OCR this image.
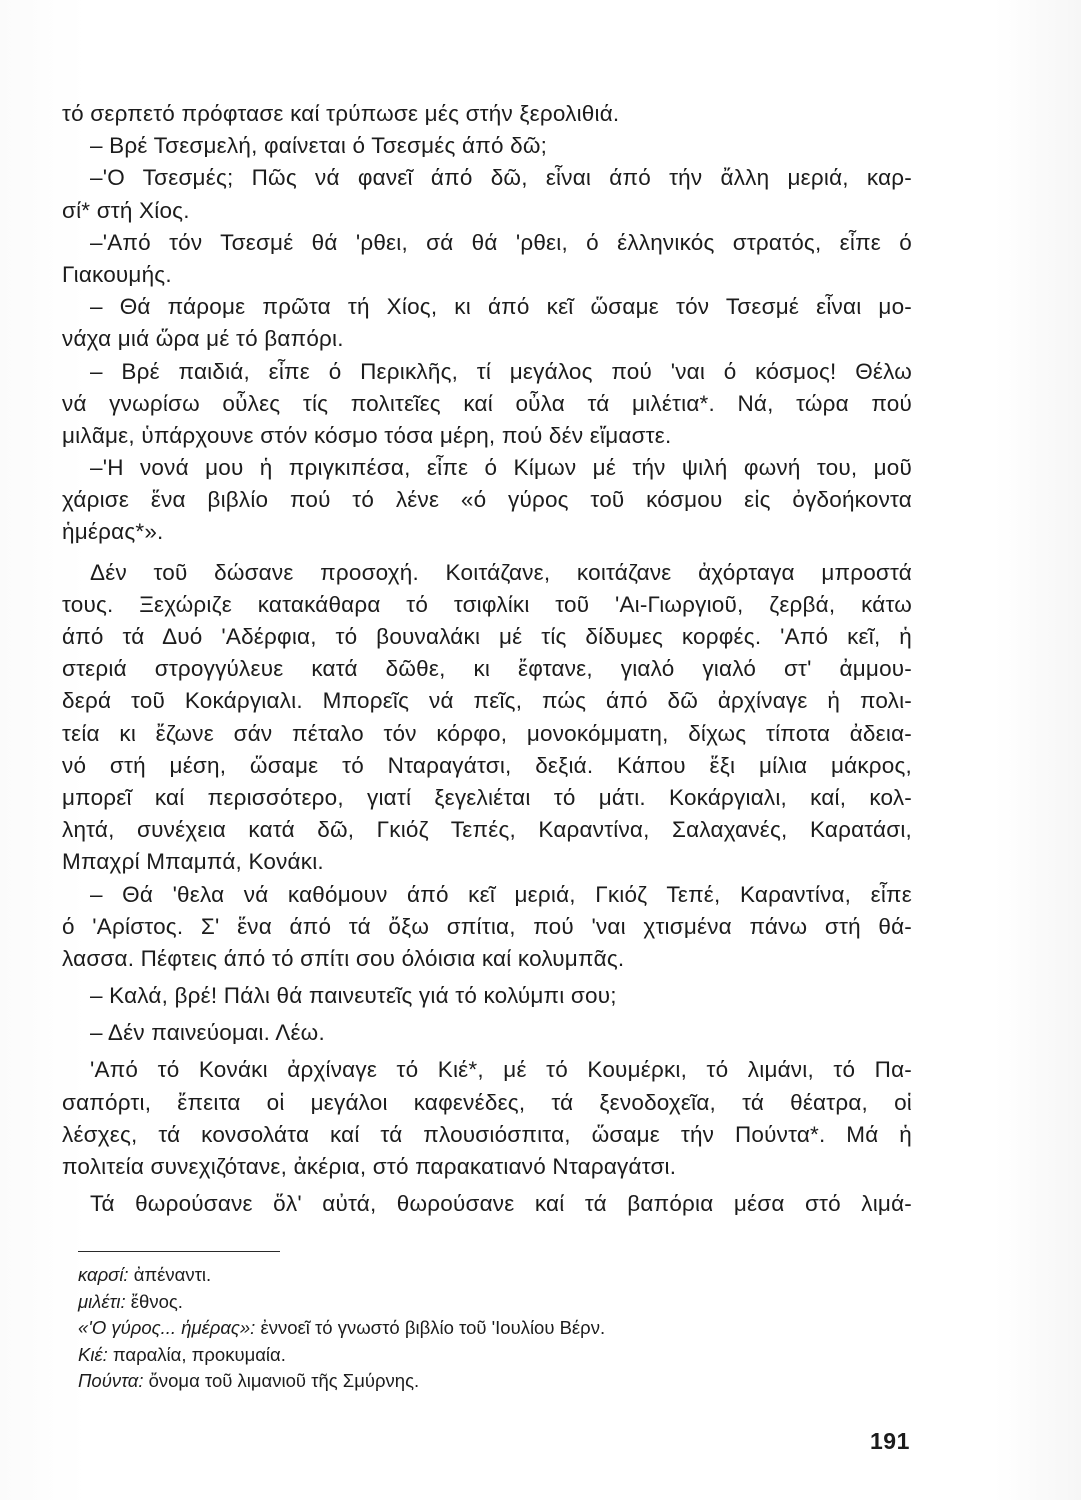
τό σερπετό πρόφτασε καί τρύπωσε μές στήν ξερολιθιά.
– Βρέ Τσεσμελή, φαίνεται ό Τσεσμές άπό δῶ;
–'Ο Τσεσμές; Πῶς νά φανεῖ άπό δῶ, εἶναι άπό τήν ἄλλη μεριά, καρ-
σί* στή Χίος.
–'Από τόν Τσεσμέ θά 'ρθει, σά θά 'ρθει, ό έλληνικός στρατός, εἶπε ό
Γιακουμής.
– Θά πάρομε πρῶτα τή Χίος, κι άπό κεῖ ὥσαμε τόν Τσεσμέ εἶναι μο-
νάχα μιά ὥρα μέ τό βαπόρι.
– Βρέ παιδιά, εἶπε ό Περικλῆς, τί μεγάλος πού 'ναι ό κόσμος! Θέλω
νά γνωρίσω οὖλες τίς πολιτεῖες καί οὖλα τά μιλέτια*. Νά, τώρα πού
μιλᾶμε, ὑπάρχουνε στόν κόσμο τόσα μέρη, πού δέν εἴμαστε.
–'Η νονά μου ἡ πριγκιπέσα, εἶπε ό Κίμων μέ τήν ψιλή φωνή του, μοῦ
χάρισε ἕνα βιβλίο πού τό λένε «ό γύρος τοῦ κόσμου εἰς ὀγδοήκοντα
ἡμέρας*».
Δέν τοῦ δώσανε προσοχή. Κοιτάζανε, κοιτάζανε ἀχόρταγα μπροστά
τους. Ξεχώριζε κατακάθαρα τό τσιφλίκι τοῦ 'Αι-Γιωργιοῦ, ζερβά, κάτω
άπό τά Δυό 'Αδέρφια, τό βουναλάκι μέ τίς δίδυμες κορφές. 'Από κεῖ, ἡ
στεριά στρογγύλευε κατά δῶθε, κι ἔφτανε, γιαλό γιαλό στ' ἀμμου-
δερά τοῦ Κοκάργιαλι. Μπορεῖς νά πεῖς, πώς άπό δῶ ἀρχίναγε ἡ πολι-
τεία κι ἔζωνε σάν πέταλο τόν κόρφο, μονοκόμματη, δίχως τίποτα ἀδεια-
νό στή μέση, ὥσαμε τό Νταραγάτσι, δεξιά. Κάπου ἕξι μίλια μάκρος,
μπορεῖ καί περισσότερο, γιατί ξεγελιέται τό μάτι. Κοκάργιαλι, καί, κολ-
λητά, συνέχεια κατά δῶ, Γκιόζ Τεπές, Καραντίνα, Σαλαχανές, Καρατάσι,
Μπαχρί Μπαμπά, Κονάκι.
– Θά 'θελα νά καθόμουν άπό κεῖ μεριά, Γκιόζ Τεπέ, Καραντίνα, εἶπε
ό 'Αρίστος. Σ' ἕνα άπό τά ὄξω σπίτια, πού 'ναι χτισμένα πάνω στή θά-
λασσα. Πέφτεις άπό τό σπίτι σου όλόισια καί κολυμπᾶς.
– Καλά, βρέ! Πάλι θά παινευτεῖς γιά τό κολύμπι σου;
– Δέν παινεύομαι. Λέω.
'Από τό Κονάκι ἀρχίναγε τό Κιέ*, μέ τό Κουμέρκι, τό λιμάνι, τό Πα-
σαπόρτι, ἔπειτα οἱ μεγάλοι καφενέδες, τά ξενοδοχεῖα, τά θέατρα, οἱ
λέσχες, τά κονσολάτα καί τά πλουσιόσπιτα, ὥσαμε τήν Πούντα*. Μά ἡ
πολιτεία συνεχιζότανε, ἀκέρια, στό παρακατιανό Νταραγάτσι.
Τά θωρούσανε ὅλ' αὐτά, θωρούσανε καί τά βαπόρια μέσα στό λιμά-
καρσί: ἀπέναντι.
μιλέτι: ἔθνος.
«'Ο γύρος... ἡμέρας»: ἐννοεῖ τό γνωστό βιβλίο τοῦ 'Ιουλίου Βέρν.
Κιέ: παραλία, προκυμαία.
Πούντα: ὄνομα τοῦ λιμανιοῦ τῆς Σμύρνης.
191
